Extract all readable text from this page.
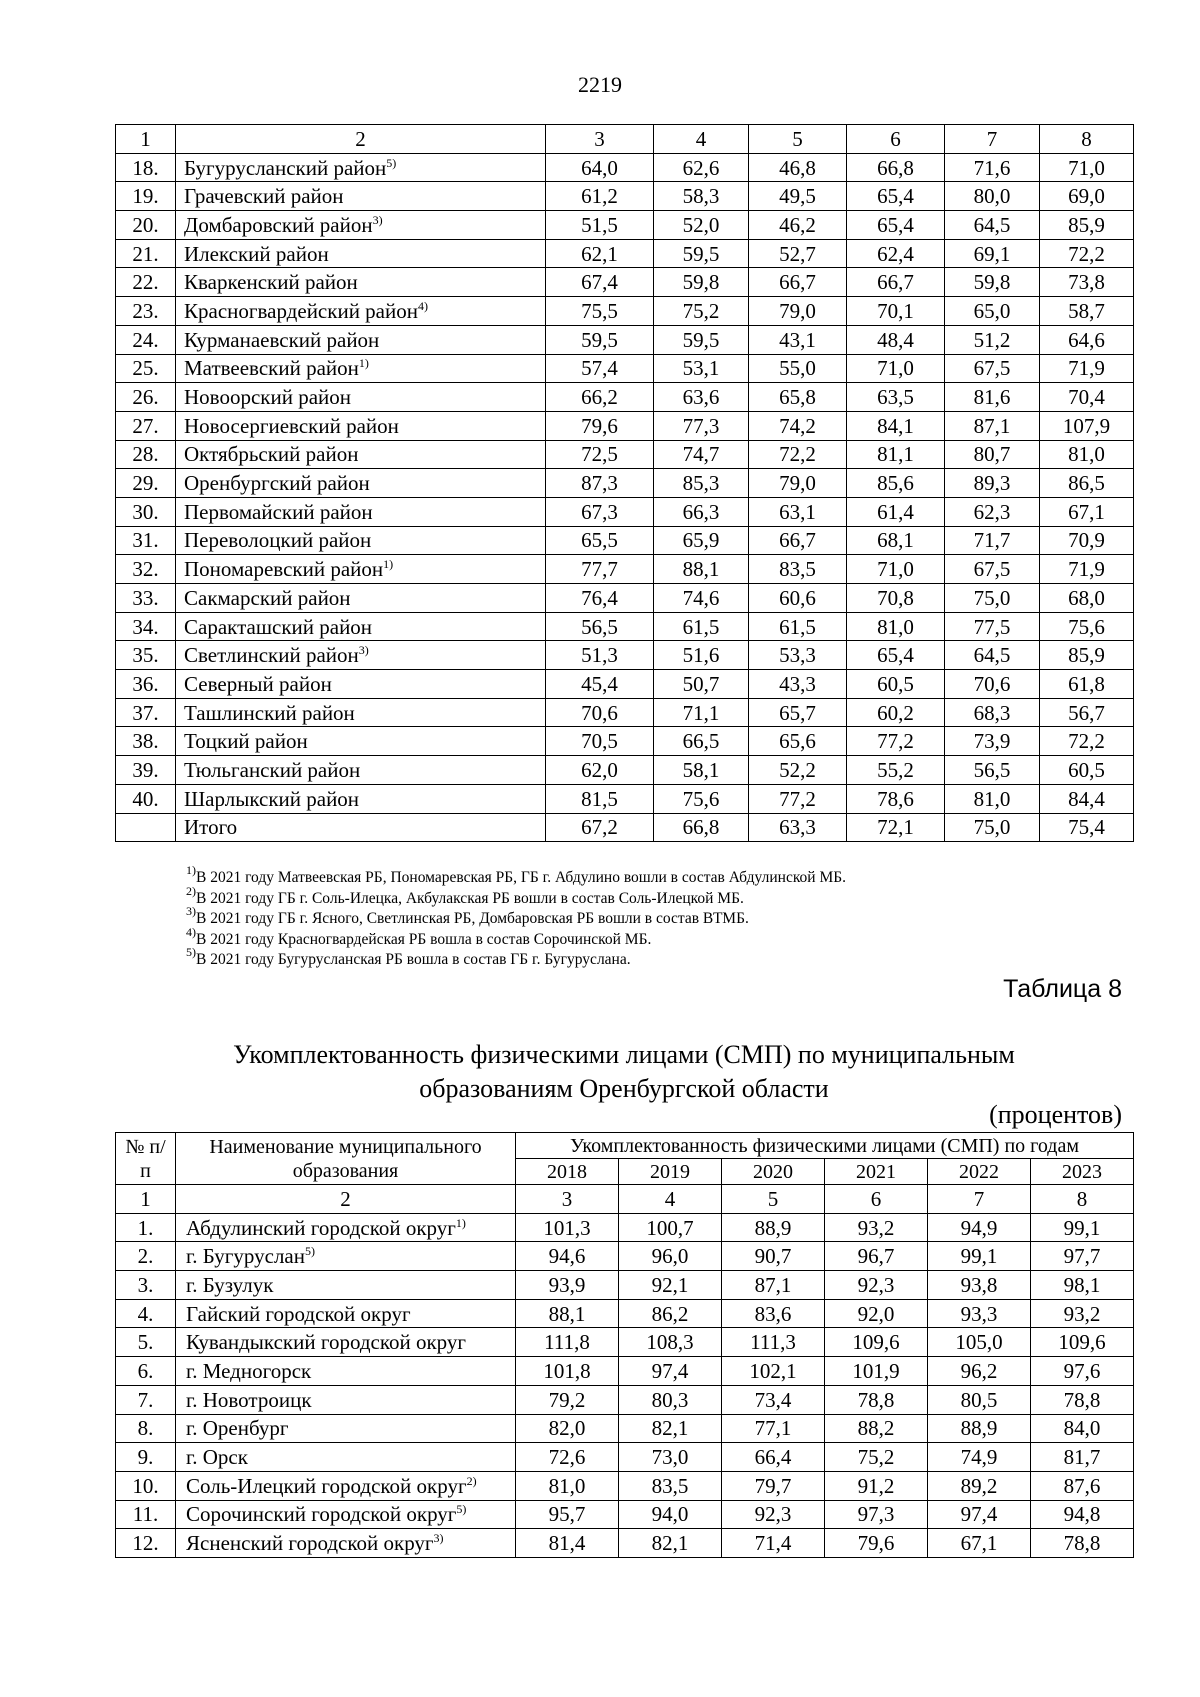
2219
1	2	3	4	5	6	7	8
18.	Бугурусланский район$^{5)}$	64,0	62,6	46,8	66,8	71,6	71,0
19.	Грачевский район	61,2	58,3	49,5	65,4	80,0	69,0
20.	Домбаровский район$^{3)}$	51,5	52,0	46,2	65,4	64,5	85,9
21.	Илекский район	62,1	59,5	52,7	62,4	69,1	72,2
22.	Кваркенский район	67,4	59,8	66,7	66,7	59,8	73,8
23.	Красногвардейский район$^{4)}$	75,5	75,2	79,0	70,1	65,0	58,7
24.	Курманаевский район	59,5	59,5	43,1	48,4	51,2	64,6
25.	Матвеевский район$^{1)}$	57,4	53,1	55,0	71,0	67,5	71,9
26.	Новоорский район	66,2	63,6	65,8	63,5	81,6	70,4
27.	Новосергиевский район	79,6	77,3	74,2	84,1	87,1	107,9
28.	Октябрьский район	72,5	74,7	72,2	81,1	80,7	81,0
29.	Оренбургский район	87,3	85,3	79,0	85,6	89,3	86,5
30.	Первомайский район	67,3	66,3	63,1	61,4	62,3	67,1
31.	Переволоцкий район	65,5	65,9	66,7	68,1	71,7	70,9
32.	Пономаревский район$^{1)}$	77,7	88,1	83,5	71,0	67,5	71,9
33.	Сакмарский район	76,4	74,6	60,6	70,8	75,0	68,0
34.	Саракташский район	56,5	61,5	61,5	81,0	77,5	75,6
35.	Светлинский район$^{3)}$	51,3	51,6	53,3	65,4	64,5	85,9
36.	Северный район	45,4	50,7	43,3	60,5	70,6	61,8
37.	Ташлинский район	70,6	71,1	65,7	60,2	68,3	56,7
38.	Тоцкий район	70,5	66,5	65,6	77,2	73,9	72,2
39.	Тюльганский район	62,0	58,1	52,2	55,2	56,5	60,5
40.	Шарлыкский район	81,5	75,6	77,2	78,6	81,0	84,4
	Итого	67,2	66,8	63,3	72,1	75,0	75,4
$^{1)}$В 2021 году Матвеевская РБ, Пономаревская РБ, ГБ г. Абдулино вошли в состав Абдулинской МБ.
$^{2)}$В 2021 году ГБ г. Соль-Илецка, Акбулакская РБ вошли в состав Соль-Илецкой МБ.
$^{3)}$В 2021 году ГБ г. Ясного, Светлинская РБ, Домбаровская РБ вошли в состав ВТМБ.
$^{4)}$В 2021 году Красногвардейская РБ вошла в состав Сорочинской МБ.
$^{5)}$В 2021 году Бугурусланская РБ вошла в состав ГБ г. Бугуруслана.
Таблица 8
Укомплектованность физическими лицами (СМП) по муниципальным
образованиям Оренбургской области
(процентов)
№ п/п	Наименование муниципального образования	Укомплектованность физическими лицами (СМП) по годам					
		2018	2019	2020	2021	2022	2023
1	2	3	4	5	6	7	8
1.	Абдулинский городской округ$^{1)}$	101,3	100,7	88,9	93,2	94,9	99,1
2.	г. Бугуруслан$^{5)}$	94,6	96,0	90,7	96,7	99,1	97,7
3.	г. Бузулук	93,9	92,1	87,1	92,3	93,8	98,1
4.	Гайский городской округ	88,1	86,2	83,6	92,0	93,3	93,2
5.	Кувандыкский городской округ	111,8	108,3	111,3	109,6	105,0	109,6
6.	г. Медногорск	101,8	97,4	102,1	101,9	96,2	97,6
7.	г. Новотроицк	79,2	80,3	73,4	78,8	80,5	78,8
8.	г. Оренбург	82,0	82,1	77,1	88,2	88,9	84,0
9.	г. Орск	72,6	73,0	66,4	75,2	74,9	81,7
10.	Соль-Илецкий городской округ$^{2)}$	81,0	83,5	79,7	91,2	89,2	87,6
11.	Сорочинский городской округ$^{5)}$	95,7	94,0	92,3	97,3	97,4	94,8
12.	Ясненский городской округ$^{3)}$	81,4	82,1	71,4	79,6	67,1	78,8
